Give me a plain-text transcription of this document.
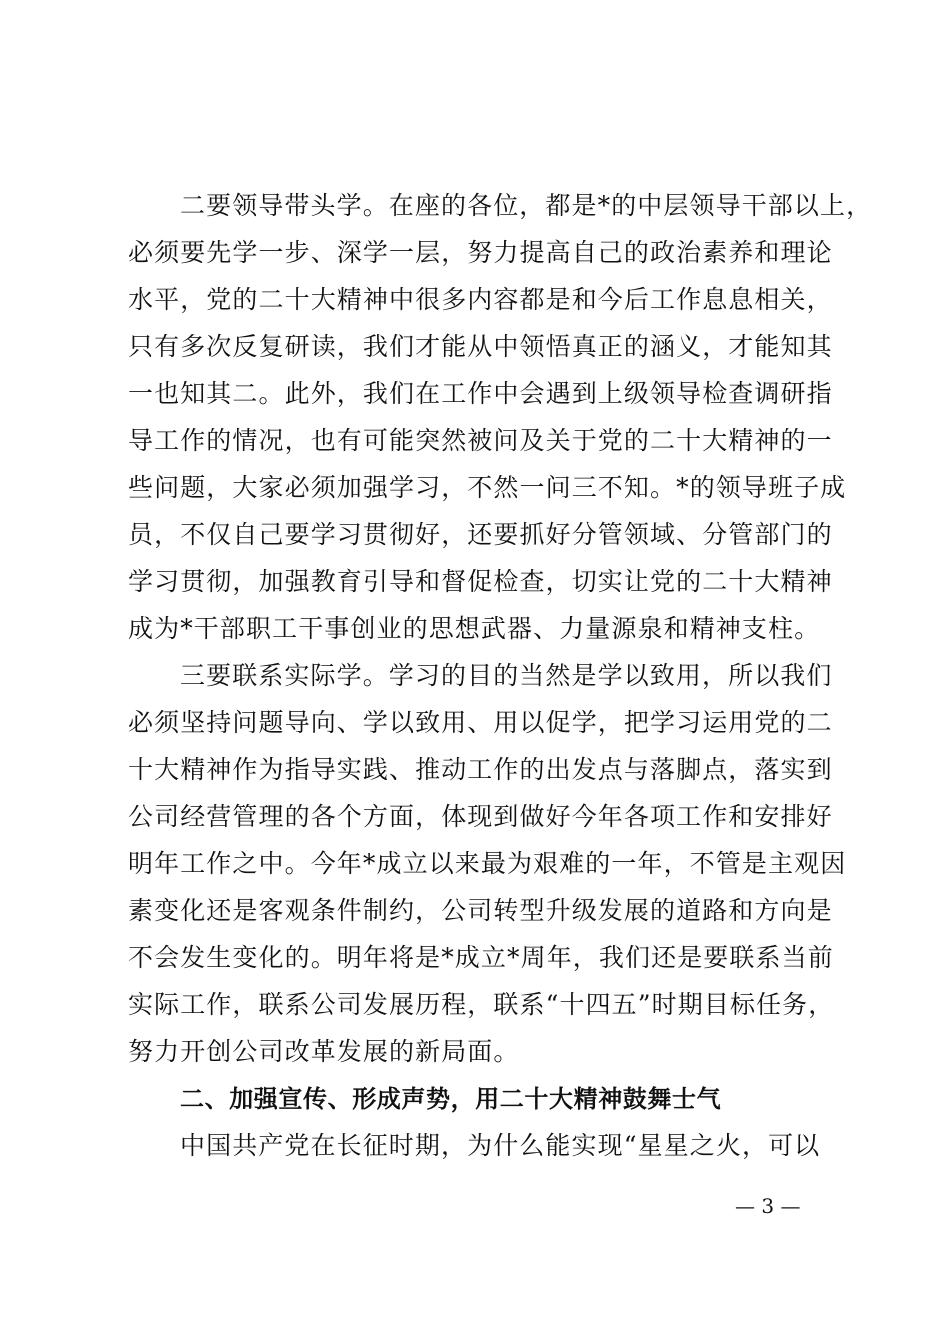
二要领导带头学。在座的各位，都是*的中层领导干部以上，
必须要先学一步、深学一层，努力提高自己的政治素养和理论
水平，党的二十大精神中很多内容都是和今后工作息息相关，
只有多次反复研读，我们才能从中领悟真正的涵义，才能知其
一也知其二。此外，我们在工作中会遇到上级领导检查调研指
导工作的情况，也有可能突然被问及关于党的二十大精神的一
些问题，大家必须加强学习，不然一问三不知。*的领导班子成
员，不仅自己要学习贯彻好，还要抓好分管领域、分管部门的
学习贯彻，加强教育引导和督促检查，切实让党的二十大精神
成为*干部职工干事创业的思想武器、力量源泉和精神支柱。
三要联系实际学。学习的目的当然是学以致用，所以我们
必须坚持问题导向、学以致用、用以促学，把学习运用党的二
十大精神作为指导实践、推动工作的出发点与落脚点，落实到
公司经营管理的各个方面，体现到做好今年各项工作和安排好
明年工作之中。今年*成立以来最为艰难的一年，不管是主观因
素变化还是客观条件制约，公司转型升级发展的道路和方向是
不会发生变化的。明年将是*成立*周年，我们还是要联系当前
实际工作，联系公司发展历程，联系“十四五”时期目标任务，
努力开创公司改革发展的新局面。
二、加强宣传、形成声势，用二十大精神鼓舞士气
中国共产党在长征时期，为什么能实现“星星之火，可以
— 3 —
